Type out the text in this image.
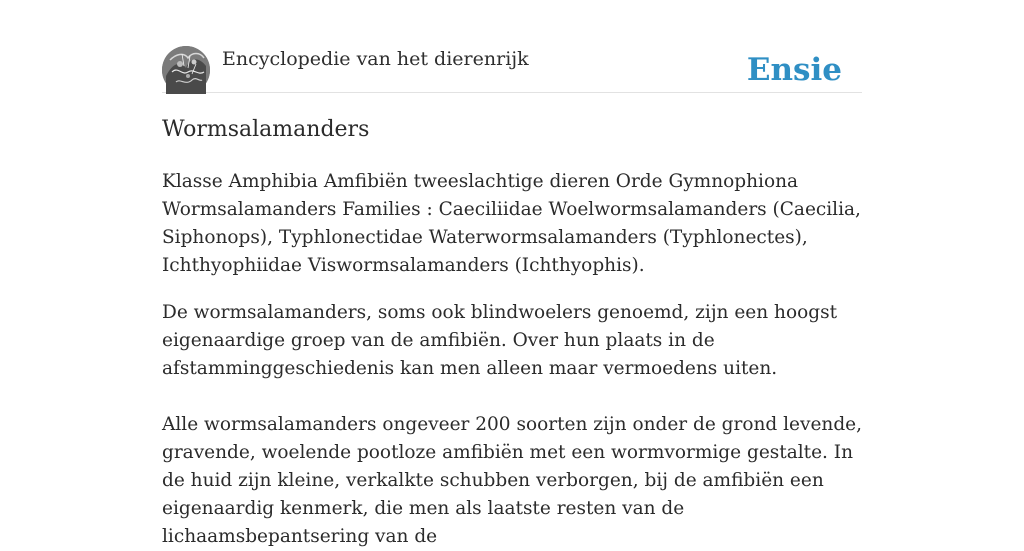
Encyclopedie van het dierenrijk	Ensie
Wormsalamanders

Klasse Amphibia Amfibiën tweeslachtige dieren Orde Gymnophiona Wormsalamanders Families : Caeciliidae Woelwormsalamanders (Caecilia, Siphonops), Typhlonectidae Waterwormsalamanders (Typhlonectes), Ichthyophiidae Viswormsalamanders (Ichthyophis).

De wormsalamanders, soms ook blindwoelers genoemd, zijn een hoogst eigenaardige groep van de amfibiën. Over hun plaats in de afstamminggeschiedenis kan men alleen maar vermoedens uiten.

Alle wormsalamanders ongeveer 200 soorten zijn onder de grond levende, gravende, woelende pootloze amfibiën met een wormvormige gestalte. In de huid zijn kleine, verkalkte schubben verborgen, bij de amfibiën een eigenaardig kenmerk, die men als laatste resten van de lichaamsbepantsering van de
